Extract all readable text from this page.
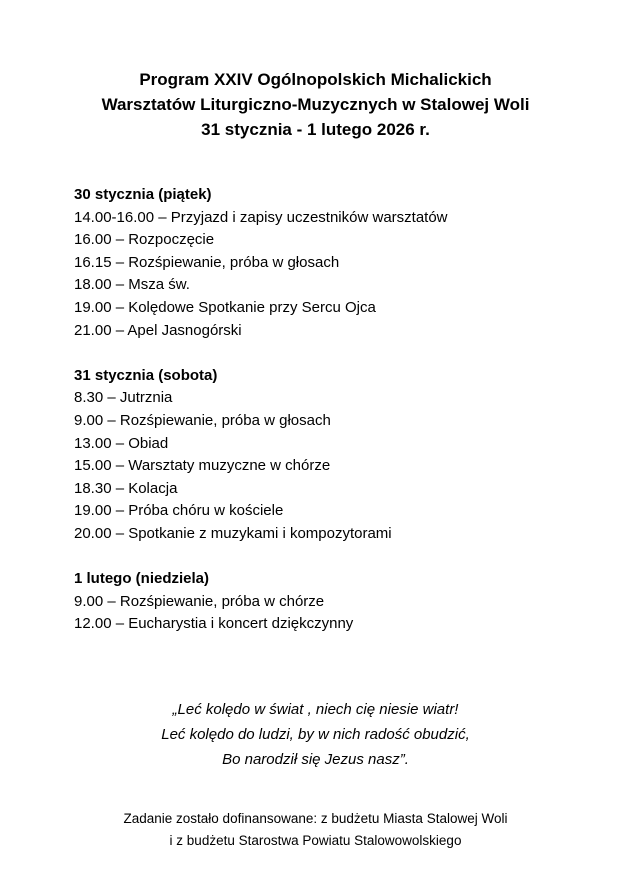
Program XXIV Ogólnopolskich Michalickich
Warsztatów Liturgiczno-Muzycznych w Stalowej Woli
31 stycznia - 1 lutego 2026 r.
30 stycznia (piątek)
14.00-16.00 – Przyjazd i zapisy uczestników warsztatów
16.00 – Rozpoczęcie
16.15 – Rozśpiewanie, próba w głosach
18.00 – Msza św.
19.00 – Kolędowe Spotkanie przy Sercu Ojca
21.00 – Apel Jasnogórski
31 stycznia (sobota)
8.30 – Jutrznia
9.00 – Rozśpiewanie, próba w głosach
13.00 – Obiad
15.00 – Warsztaty muzyczne w chórze
18.30 – Kolacja
19.00 – Próba chóru w kościele
20.00 – Spotkanie z muzykami i kompozytorami
1 lutego (niedziela)
9.00 – Rozśpiewanie, próba w chórze
12.00 – Eucharystia i koncert dziękczynny
„Leć kolędo w świat , niech cię niesie wiatr!
Leć kolędo do ludzi, by w nich radość obudzić,
Bo narodził się Jezus nasz”.
Zadanie zostało dofinansowane: z budżetu Miasta Stalowej Woli
i z budżetu Starostwa Powiatu Stalowowolskiego
